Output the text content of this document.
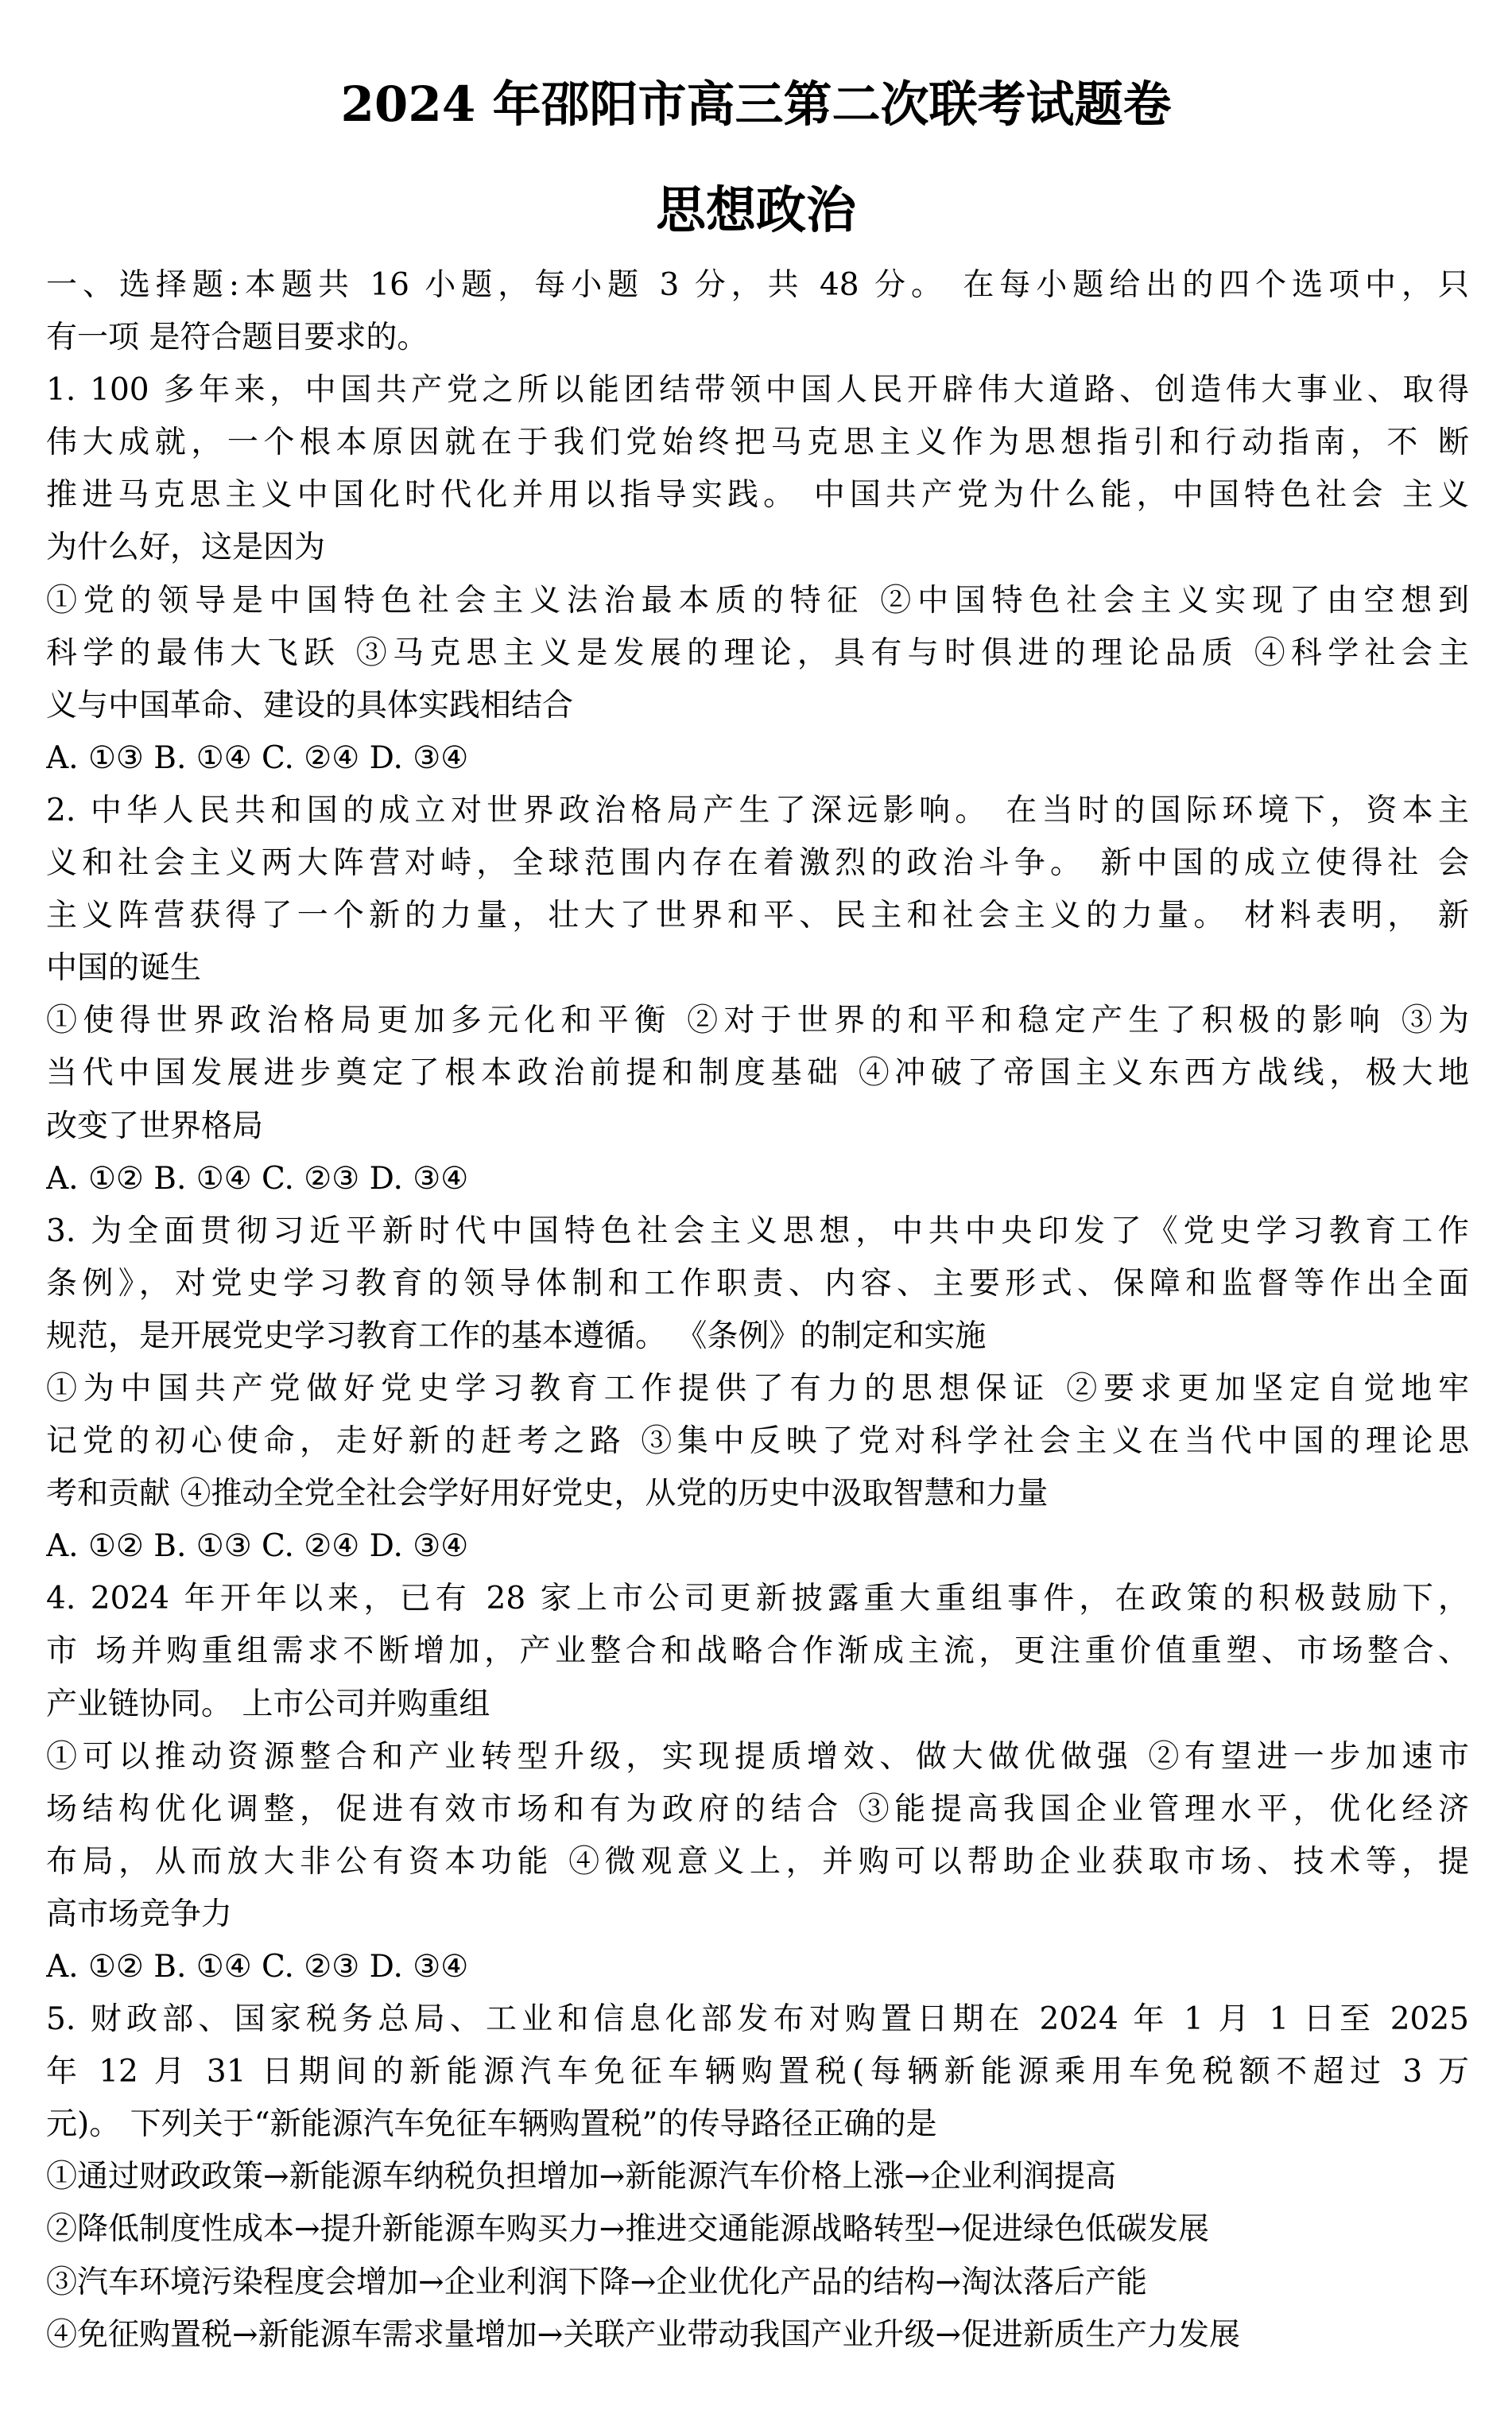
2024 年邵阳市高三第二次联考试题卷
思想政治
一、选择题:本题共 16 小题，每小题 3 分，共 48 分。 在每小题给出的四个选项中，只
有一项 是符合题目要求的。
1. 100 多年来，中国共产党之所以能团结带领中国人民开辟伟大道路、创造伟大事业、取得
伟大成就，一个根本原因就在于我们党始终把马克思主义作为思想指引和行动指南，不 断
推进马克思主义中国化时代化并用以指导实践。 中国共产党为什么能，中国特色社会 主义
为什么好，这是因为
①党的领导是中国特色社会主义法治最本质的特征 ②中国特色社会主义实现了由空想到
科学的最伟大飞跃 ③马克思主义是发展的理论，具有与时俱进的理论品质 ④科学社会主
义与中国革命、建设的具体实践相结合
A. ①③ B. ①④ C. ②④ D. ③④
2. 中华人民共和国的成立对世界政治格局产生了深远影响。 在当时的国际环境下，资本主
义和社会主义两大阵营对峙，全球范围内存在着激烈的政治斗争。 新中国的成立使得社 会
主义阵营获得了一个新的力量，壮大了世界和平、民主和社会主义的力量。 材料表明， 新
中国的诞生
①使得世界政治格局更加多元化和平衡 ②对于世界的和平和稳定产生了积极的影响 ③为
当代中国发展进步奠定了根本政治前提和制度基础 ④冲破了帝国主义东西方战线，极大地
改变了世界格局
A. ①② B. ①④ C. ②③ D. ③④
3. 为全面贯彻习近平新时代中国特色社会主义思想，中共中央印发了《党史学习教育工作
条例》，对党史学习教育的领导体制和工作职责、内容、主要形式、保障和监督等作出全面
规范，是开展党史学习教育工作的基本遵循。 《条例》的制定和实施
①为中国共产党做好党史学习教育工作提供了有力的思想保证 ②要求更加坚定自觉地牢
记党的初心使命，走好新的赶考之路 ③集中反映了党对科学社会主义在当代中国的理论思
考和贡献 ④推动全党全社会学好用好党史，从党的历史中汲取智慧和力量
A. ①② B. ①③ C. ②④ D. ③④
4. 2024 年开年以来，已有 28 家上市公司更新披露重大重组事件，在政策的积极鼓励下，
市 场并购重组需求不断增加，产业整合和战略合作渐成主流，更注重价值重塑、市场整合、
产业链协同。 上市公司并购重组
①可以推动资源整合和产业转型升级，实现提质增效、做大做优做强 ②有望进一步加速市
场结构优化调整，促进有效市场和有为政府的结合 ③能提高我国企业管理水平，优化经济
布局，从而放大非公有资本功能 ④微观意义上，并购可以帮助企业获取市场、技术等，提
高市场竞争力
A. ①② B. ①④ C. ②③ D. ③④
5. 财政部、国家税务总局、工业和信息化部发布对购置日期在 2024 年 1 月 1 日至 2025
年 12 月 31 日期间的新能源汽车免征车辆购置税(每辆新能源乘用车免税额不超过 3 万
元)。 下列关于“新能源汽车免征车辆购置税”的传导路径正确的是
①通过财政政策→新能源车纳税负担增加→新能源汽车价格上涨→企业利润提高
②降低制度性成本→提升新能源车购买力→推进交通能源战略转型→促进绿色低碳发展
③汽车环境污染程度会增加→企业利润下降→企业优化产品的结构→淘汰落后产能
④免征购置税→新能源车需求量增加→关联产业带动我国产业升级→促进新质生产力发展
